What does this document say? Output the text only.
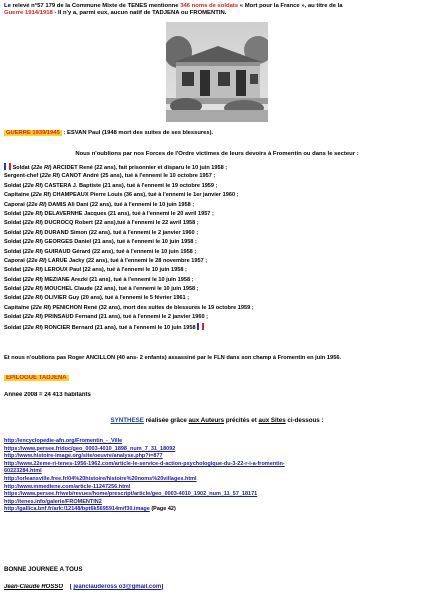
Le relevé n°57 179 de la Commune Mixte de TENES mentionne 346 noms de soldats « Mort pour la France », au titre de la
Guerre 1914/1918 - Il n'y a, parmi eux, aucun natif de TADJENA ou FROMENTIN.
GUERRE 1939/1945 : ESVAN Paul (1948 mort des suites de ses blessures).
Nous n'oublions par nos Forces de l'Ordre victimes de leurs devoirs à Fromentin ou dans le secteur :
Soldat (22e RI) ARCIDET René (22 ans), fait prisonnier et disparu le 10 juin 1958 ;
Sergent-chef (22e RI) CANOT André (25 ans), tué à l'ennemi le 10 octobre 1957 ;
Soldat (22e RI) CASTERA J. Baptiste (21 ans), tué à l'ennemi le 19 octobre 1959 ;
Capitaine (22e RI) CHAMPEAUX Pierre Louis (36 ans), tué à l'ennemi le 1er janvier 1960 ;
Caporal (22e RI) DAMIS Ali Dani (22 ans), tué à l'ennemi le 10 juin 1958 ;
Soldat (22e RI) DELAVERNHE Jacques (21 ans), tué à l'ennemi le 20 avril 1957 ;
Soldat (22e RI) DUCROCQ Robert (22 ans),tué à l'ennemi le 22 avril 1958 ;
Soldat (22e RI) DURAND Simon (22 ans), tué à l'ennemi le 2 janvier 1960 ;
Soldat (22e RI) GEORGES Daniel (21 ans), tué à l'ennemi le 10 juin 1958 ;
Soldat (22e RI) GUIRAUD Gérard (22 ans), tué à l'ennemi le 10 juin 1958 ;
Caporal (22e RI) LARUE Jacky (22 ans), tué à l'ennemi le 28 novembre 1957 ;
Soldat (22e RI) LEROUX Paul (22 ans), tué à l'ennemi le 10 juin 1958 ;
Soldat (22e RI) MEZIANE Arezki (21 ans), tué à l'ennemi le 10 juin 1958 ;
Soldat (22e RI) MOUCHEL Claude (22 ans), tué à l'ennemi le 10 juin 1958 ;
Soldat (22e RI) OLIVIER Guy (20 ans), tué à l'ennemi le 5 février 1961 ;
Capitaine (22e RI) PENICHON René (32 ans), mort des suites de blessures le 19 octobre 1959 ;
Soldat (22e RI) PRINSAUD Fernand (21 ans), tué à l'ennemi le 2 janvier 1960 ;
Soldat (22e RI) RONCIER Bernard (21 ans), tué à l'ennemi le 10 juin 1958
Et nous n'oublions pas Roger ANCILLON (40 ans- 2 enfants) assassiné par le FLN dans son champ à Fromentin en juin 1956.
EPILOGUE TADJENA
Année 2008 = 24 413 habitants
SYNTHESE réalisée grâce aux Auteurs précités et aux Sites ci-dessous :
http://encyclopedie-afn.org/Fromentin_-_Ville
https://www.persee.fr/doc/geo_0003-4010_1898_num_7_31_18092
http://www.histoire-image.org/site/oeuvre/analyse.php?i=877
http://www.22eme-ri-tenes-1956-1962.com/article-le-service-d-action-psychologique-du-3-22-r-i-a-fromentin-
60223284.html
http://orleansville.free.fr/04%20histoire/histoire%20noms%20villages.html
http://www.mmediene.com/article-11247256.html
https://www.persee.fr/web/revues/home/prescript/article/geo_0003-4010_1902_num_11_57_18171
http://tenes.info/galerie/FROMENTIN2
http://gallica.bnf.fr/ark:/12148/bpt6k5695914m/f30.image (Page 42)
BONNE JOURNEE A TOUS
Jean-Claude ROSSO [ jeanclaudeross o3@gmail.com]
